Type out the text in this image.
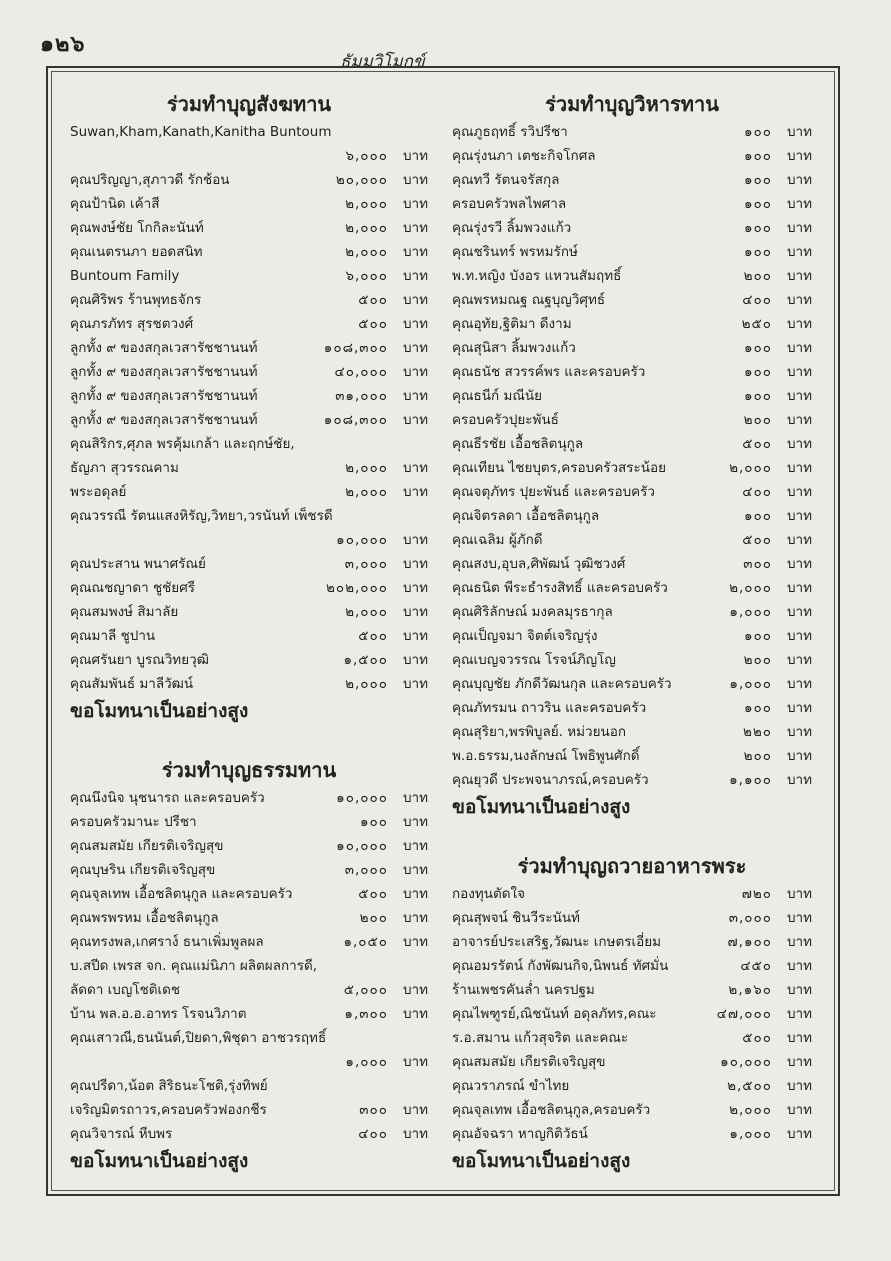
๑๒๖
ธัมมวิโมกข์
ร่วมทำบุญสังฆทาน
Suwan,Kham,Kanath,Kanitha Buntoum
๖,๐๐๐	บาท
คุณปริญญา,สุภาวดี รักช้อน	๒๐,๐๐๐	บาท
คุณป้านิด เค้าสี	๒,๐๐๐	บาท
คุณพงษ์ชัย โกกิละนันท์	๒,๐๐๐	บาท
คุณเนตรนภา ยอดสนิท	๒,๐๐๐	บาท
Buntoum Family	๖,๐๐๐	บาท
คุณศิริพร ร้านพุทธจักร	๕๐๐	บาท
คุณภรภัทร สุรชตวงศ์	๕๐๐	บาท
ลูกทั้ง ๙ ของสกุลเวสารัชชานนท์	๑๐๘,๓๐๐	บาท
ลูกทั้ง ๙ ของสกุลเวสารัชชานนท์	๔๐,๐๐๐	บาท
ลูกทั้ง ๙ ของสกุลเวสารัชชานนท์	๓๑,๐๐๐	บาท
ลูกทั้ง ๙ ของสกุลเวสารัชชานนท์	๑๐๘,๓๐๐	บาท
คุณสิริกร,ศุภล พรคุ้มเกล้า และฤกษ์ชัย,
ธัญภา สุวรรณคาม	๒,๐๐๐	บาท
พระอดุลย์	๒,๐๐๐	บาท
คุณวรรณี รัตนแสงหิรัญ,วิทยา,วรนันท์ เพ็ชรดี
๑๐,๐๐๐	บาท
คุณประสาน พนาศรัณย์	๓,๐๐๐	บาท
คุณณชญาดา ชูชัยศรี	๒๐๒,๐๐๐	บาท
คุณสมพงษ์ สิมาลัย	๒,๐๐๐	บาท
คุณมาลี ชูปาน	๕๐๐	บาท
คุณศรันยา บูรณวิทยวุฒิ	๑,๕๐๐	บาท
คุณสัมพันธ์ มาลีวัฒน์	๒,๐๐๐	บาท
ขอโมทนาเป็นอย่างสูง
ร่วมทำบุญธรรมทาน
คุณนึงนิจ นุชนารถ และครอบครัว	๑๐,๐๐๐	บาท
ครอบครัวมานะ ปรีชา	๑๐๐	บาท
คุณสมสมัย เกียรติเจริญสุข	๑๐,๐๐๐	บาท
คุณบุษริน เกียรติเจริญสุข	๓,๐๐๐	บาท
คุณจุลเทพ เอื้อชลิตนุกูล และครอบครัว	๕๐๐	บาท
คุณพรพรหม เอื้อชลิตนุกูล	๒๐๐	บาท
คุณทรงพล,เกศราง์ ธนาเพิ่มพูลผล	๑,๐๕๐	บาท
บ.สปีด เพรส จก. คุณแม่นิภา ผลิตผลการดี,
ลัดดา เบญโชติเดช	๕,๐๐๐	บาท
บ้าน พล.อ.อ.อาทร โรจนวิภาต	๑,๓๐๐	บาท
คุณเสาวณี,ธนนันต์,ปิยดา,พิชุดา อาชวรฤทธิ์
๑,๐๐๐	บาท
คุณปรีดา,น้อต สิริธนะโชติ,รุ่งทิพย์
เจริญมิตรถาวร,ครอบครัวฟองกชีร	๓๐๐	บาท
คุณวิจารณ์ หีบพร	๔๐๐	บาท
ขอโมทนาเป็นอย่างสูง
ร่วมทำบุญวิหารทาน
คุณภูธฤทธิ์ รวิปรีชา	๑๐๐	บาท
คุณรุ่งนภา เตชะกิจโกศล	๑๐๐	บาท
คุณทวี รัตนจรัสกุล	๑๐๐	บาท
ครอบครัวพลไพศาล	๑๐๐	บาท
คุณรุ่งรวี ลิ้มพวงแก้ว	๑๐๐	บาท
คุณชรินทร์ พรหมรักษ์	๑๐๐	บาท
พ.ท.หญิง บังอร แหวนสัมฤทธิ์	๒๐๐	บาท
คุณพรหมณฐ ณฐบุญวิศุทธ์	๔๐๐	บาท
คุณอุทัย,ฐิติมา ดีงาม	๒๕๐	บาท
คุณสุนิสา ลิ้มพวงแก้ว	๑๐๐	บาท
คุณธนัช สวรรค์พร และครอบครัว	๑๐๐	บาท
คุณธนีก์ มณีนัย	๑๐๐	บาท
ครอบครัวปุยะพันธ์	๒๐๐	บาท
คุณธีรชัย เอื้อชลิตนุกูล	๕๐๐	บาท
คุณเทียน ไชยบุตร,ครอบครัวสระน้อย	๒,๐๐๐	บาท
คุณจตุภัทร ปุยะพันธ์ และครอบครัว	๔๐๐	บาท
คุณจิตรลดา เอื้อชลิตนุกูล	๑๐๐	บาท
คุณเฉลิม ผู้ภักดี	๕๐๐	บาท
คุณสงบ,อุบล,ศิพัฒน์ วุฒิชวงศ์	๓๐๐	บาท
คุณธนิต พีระธำรงสิทธิ์ และครอบครัว	๒,๐๐๐	บาท
คุณศิริลักษณ์ มงคลมุรธากุล	๑,๐๐๐	บาท
คุณเป็ญจมา จิตต์เจริญรุ่ง	๑๐๐	บาท
คุณเบญจวรรณ โรจน์ภิญโญ	๒๐๐	บาท
คุณบุญชัย ภักดีวัฒนกุล และครอบครัว	๑,๐๐๐	บาท
คุณภัทรมน ถาวริน และครอบครัว	๑๐๐	บาท
คุณสุริยา,พรพิบูลย์. หม่วยนอก	๒๒๐	บาท
พ.อ.ธรรม,นงลักษณ์ โพธิพูนศักดิ์	๒๐๐	บาท
คุณยุวดี ประพจนาภรณ์,ครอบครัว	๑,๑๐๐	บาท
ขอโมทนาเป็นอย่างสูง
ร่วมทำบุญถวายอาหารพระ
กองทุนตัดใจ	๗๒๐	บาท
คุณสุพจน์ ชินวีระนันท์	๓,๐๐๐	บาท
อาจารย์ประเสริฐ,วัฒนะ เกษตรเอี่ยม	๗,๑๐๐	บาท
คุณอมรรัตน์ กังพัฒนกิจ,นิพนธ์ ทัศมั่น	๔๕๐	บาท
ร้านเพชรคันล่ำ นครปฐม	๒,๑๖๐	บาท
คุณไพฑูรย์,ณิชนันท์ อดุลภัทร,คณะ	๔๗,๐๐๐	บาท
ร.อ.สมาน แก้วสุจริต และคณะ	๕๐๐	บาท
คุณสมสมัย เกียรติเจริญสุข	๑๐,๐๐๐	บาท
คุณวราภรณ์ ขำไทย	๒,๕๐๐	บาท
คุณจุลเทพ เอื้อชลิตนุกูล,ครอบครัว	๒,๐๐๐	บาท
คุณอัจฉรา หาญกิติวัธน์	๑,๐๐๐	บาท
ขอโมทนาเป็นอย่างสูง
